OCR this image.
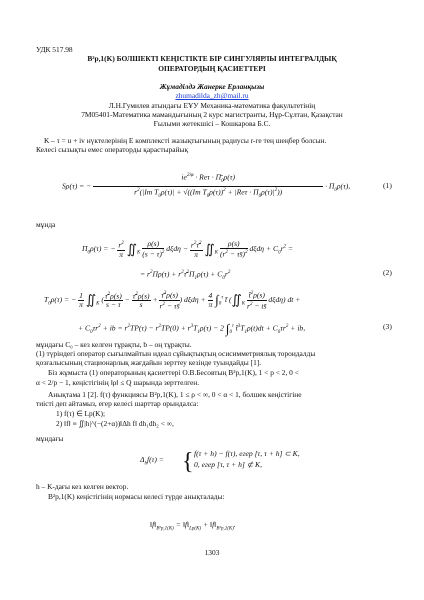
УДК 517.98
B²p,1(K) БОЛШЕКТІ КЕҢІСТІКТЕ БІР СИНГУЛЯРЛЫ ИНТЕГРАЛДЫҚ
ОПЕРАТОРДЫҢ ҚАСИЕТТЕРІ
Жұмаділдә Жанерке Ерланқызы
zhumadilda_zh@mail.ru
Л.Н.Гумилев атындағы ЕҰУ Механика-математика факультетінің
7М05401-Математика мамандығының 2 курс магистранты, Нұр-Сұлтан, Қазақстан
Ғылыми жетекшісі – Кошкарова Б.С.
K – τ = u + iv нүктелерінің E комплексті жазықтығының радиусы r-ге тең шеңбер болсын.
Келесі сызықты емес операторды қарастырайық
Sρ(τ) = − $\frac{ie^{2i\varphi} \cdot Re\tau \cdot \Pī_0\rho(\tau)}{r^2(|Im T_0\rho(\tau)| + √((Im T_0\rho(\tau))^2 + |Re\tau \cdot \Pi_0\rho(\tau)|^2))} \cdot \Pi_0\rho(\tau)$,	(1)
мұнда
$\Pi_0\rho(\tau)$ = − $\frac{r^2}{\pi}$ $∬_K \frac{\rho(s)}{(s - \tau)^2}$ $d\xi d\eta - \frac{r^2\taū^2}{\pi}$ $∬_K \frac{\rho(s)}{(r^2 - \tau s̄)^2}$ $d\xi d\eta + C_0r^2$ =
= $r^2\Pi\rho(\tau)$ + $r^2\taū^2\Pi_1\rho(\tau) + C_0r^2$	(2)
$T_0\rho(\tau)$ = − $\frac{1}{\pi}$ $∬_K$ ( $\frac{\taū^2\rho(s)}{s - \tau} - \frac{\taū^2\rho(s)}{s} + \frac{\taū^3\rho(s)}{r^2 - \tau s̄}$ ) $d\xi d\eta + \frac{4}{\pi} \int_0^\tau$ t̄ $(∬_K \frac{t̄^2\rho(s)}{r^2 - ts̄} d\xi d\eta)$ dt +
+ $C_0\tau r^2$ + ib = $r^2TP(\tau) - r^2TP(0) + r^3T_1\rho(\tau) - 2$ $\int_0^\tau$ $t̄^3T_1\rho(t)dt + C_0\tau r^2$ + ib,	(3)
мұндағы C₀ – кез келген тұрақты, b – оң тұрақты.
(1) түріндегі оператор сығылмайтын идеал сұйықтықтың осисимметриялық тороидалды
қозғалысының стационарлық жағдайын зерттеу кезінде туындайды [1].
Біз жұмыста (1) операторының қасиеттері О.В.Бесовтың B²p,1(K), 1 < p < 2, 0 <
α < 2/p − 1, кеңістігінің ‖ρ‖ ≤ Q шарында зерттелген.
Анықтама 1 [2]. f(τ) функциясы B²p,1(K), 1 ≤ ρ < ∞, 0 < α < 1, болшек кеңістігіне
тиісті деп айтамыз, егер келесі шарттар орындалса:
1) f(τ) ∈ Lp(K);
2) ‖f‖ ≡ ∬|h|^(−(2+α))‖Δh f‖ dh₁dh₂ < ∞,
мұндағы
$\Delta_hf(\tau)$ = { f(τ + h) − f(τ), егер [τ, τ + h] ⊂ K,
0, егер [τ, τ + h] ⊄ K,
h – K-дағы кез келген вектор.
B²p,1(K) кеңістігінің нормасы келесі түрде анықталады:
$‖f‖_{B^2p,1(K)}$ = $‖f‖_{Lp(K)}$ + $‖f‖_{B^2p,1(K)}$.
1303
